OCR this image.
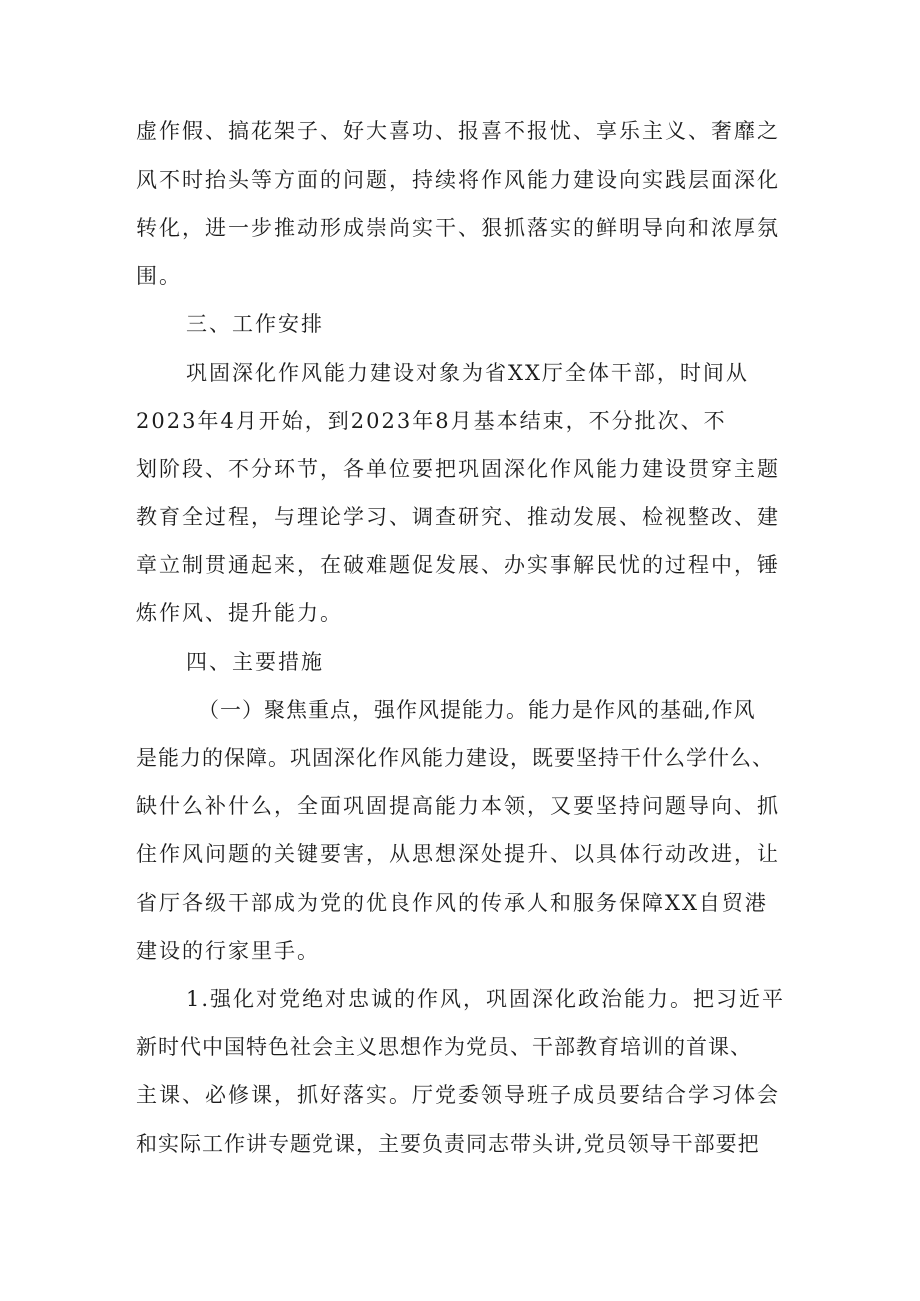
虚作假、搞花架子、好大喜功、报喜不报忧、享乐主义、奢靡之
风不时抬头等方面的问题，持续将作风能力建设向实践层面深化
转化，进一步推动形成崇尚实干、狠抓落实的鲜明导向和浓厚氛
围。
三、工作安排
巩固深化作风能力建设对象为省XX厅全体干部，时间从
2023年4月开始，到2023年8月基本结束，不分批次、不
划阶段、不分环节，各单位要把巩固深化作风能力建设贯穿主题
教育全过程，与理论学习、调查研究、推动发展、检视整改、建
章立制贯通起来，在破难题促发展、办实事解民忧的过程中，锤
炼作风、提升能力。
四、主要措施
（一）聚焦重点，强作风提能力。能力是作风的基础,作风
是能力的保障。巩固深化作风能力建设，既要坚持干什么学什么、
缺什么补什么，全面巩固提高能力本领，又要坚持问题导向、抓
住作风问题的关键要害，从思想深处提升、以具体行动改进，让
省厅各级干部成为党的优良作风的传承人和服务保障XX自贸港
建设的行家里手。
1.强化对党绝对忠诚的作风，巩固深化政治能力。把习近平
新时代中国特色社会主义思想作为党员、干部教育培训的首课、
主课、必修课，抓好落实。厅党委领导班子成员要结合学习体会
和实际工作讲专题党课，主要负责同志带头讲,党员领导干部要把
